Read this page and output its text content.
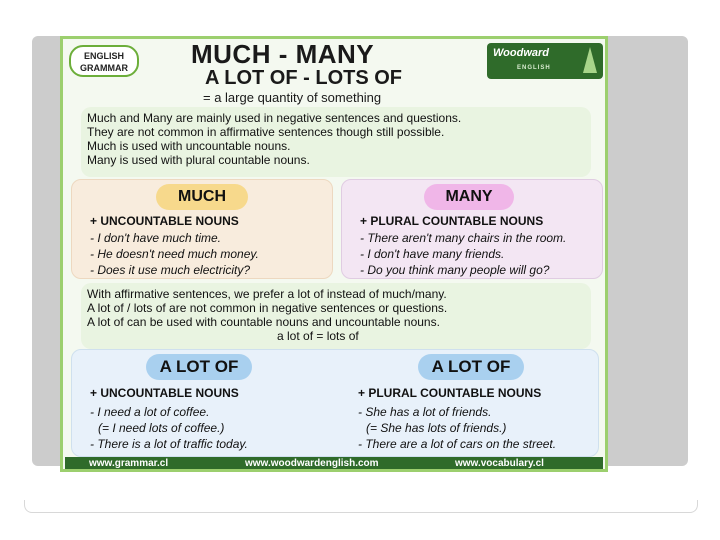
ENGLISH
GRAMMAR	MUCH - MANY
A LOT OF - LOTS OF
= a large quantity of something
Woodward
ENGLISH
Much and Many are mainly used in negative sentences and questions.
They are not common in affirmative sentences though still possible.
Much is used with uncountable nouns.
Many is used with plural countable nouns.
MUCH
+ UNCOUNTABLE NOUNS
- I don't have much time.
- He doesn't need much money.
- Does it use much electricity?
MANY
+ PLURAL COUNTABLE NOUNS
- There aren't many chairs in the room.
- I don't have many friends.
- Do you think many people will go?
With affirmative sentences, we prefer a lot of instead of much/many.
A lot of / lots of are not common in negative sentences or questions.
A lot of can be used with countable nouns and uncountable nouns.
a lot of = lots of
A LOT OF	A LOT OF
+ UNCOUNTABLE NOUNS	+ PLURAL COUNTABLE NOUNS
- I need a lot of coffee.
(= I need lots of coffee.)
- There is a lot of traffic today.
- She has a lot of friends.
(= She has lots of friends.)
- There are a lot of cars on the street.
www.grammar.cl	www.woodwardenglish.com	www.vocabulary.cl
